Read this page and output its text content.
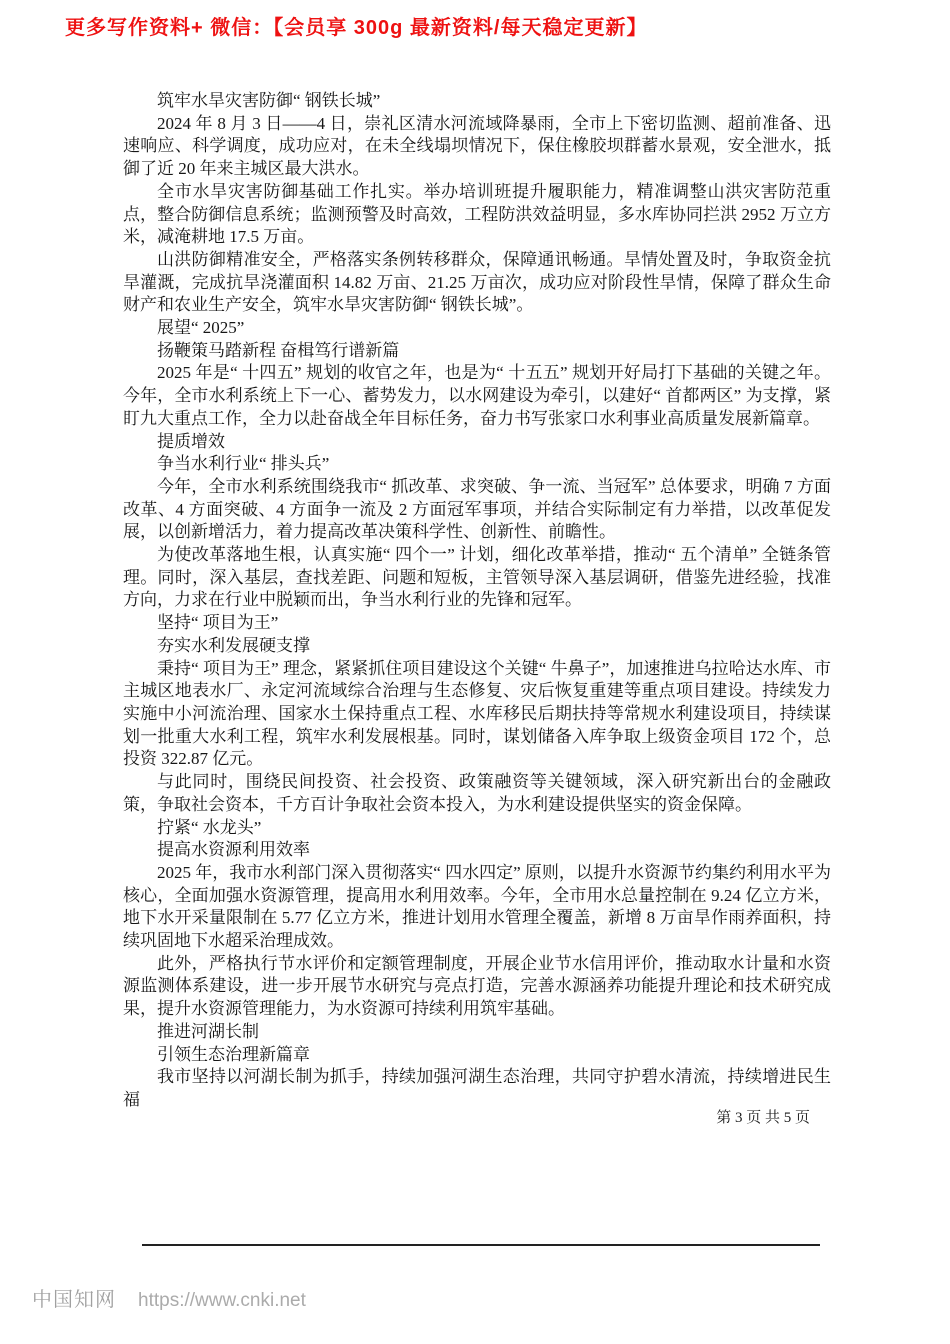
更多写作资料+ 微信：【会员享 300g 最新资料/每天稳定更新】

筑牢水旱灾害防御“ 钢铁长城”

2024 年 8 月 3 日——4 日，崇礼区清水河流域降暴雨，全市上下密切监测、超前准备、迅速响应、科学调度，成功应对，在未全线塌坝情况下，保住橡胶坝群蓄水景观，安全泄水，抵御了近 20 年来主城区最大洪水。

全市水旱灾害防御基础工作扎实。举办培训班提升履职能力，精准调整山洪灾害防范重点，整合防御信息系统；监测预警及时高效，工程防洪效益明显，多水库协同拦洪 2952 万立方米，减淹耕地 17.5 万亩。

山洪防御精准安全，严格落实条例转移群众，保障通讯畅通。旱情处置及时，争取资金抗旱灌溉，完成抗旱浇灌面积 14.82 万亩、21.25 万亩次，成功应对阶段性旱情，保障了群众生命财产和农业生产安全，筑牢水旱灾害防御“ 钢铁长城”。

展望“ 2025”

扬鞭策马踏新程 奋楫笃行谱新篇

2025 年是“ 十四五” 规划的收官之年，也是为“ 十五五” 规划开好局打下基础的关键之年。今年，全市水利系统上下一心、蓄势发力，以水网建设为牵引，以建好“ 首都两区” 为支撑，紧盯九大重点工作，全力以赴奋战全年目标任务，奋力书写张家口水利事业高质量发展新篇章。

提质增效

争当水利行业“ 排头兵”

今年，全市水利系统围绕我市“ 抓改革、求突破、争一流、当冠军” 总体要求，明确 7 方面改革、4 方面突破、4 方面争一流及 2 方面冠军事项，并结合实际制定有力举措，以改革促发展，以创新增活力，着力提高改革决策科学性、创新性、前瞻性。

为使改革落地生根，认真实施“ 四个一” 计划，细化改革举措，推动“ 五个清单” 全链条管理。同时，深入基层，查找差距、问题和短板，主管领导深入基层调研，借鉴先进经验，找准方向，力求在行业中脱颖而出，争当水利行业的先锋和冠军。

坚持“ 项目为王”

夯实水利发展硬支撑

秉持“ 项目为王” 理念，紧紧抓住项目建设这个关键“ 牛鼻子”，加速推进乌拉哈达水库、市主城区地表水厂、永定河流域综合治理与生态修复、灾后恢复重建等重点项目建设。持续发力实施中小河流治理、国家水土保持重点工程、水库移民后期扶持等常规水利建设项目，持续谋划一批重大水利工程，筑牢水利发展根基。同时，谋划储备入库争取上级资金项目 172 个，总投资 322.87 亿元。

与此同时，围绕民间投资、社会投资、政策融资等关键领域，深入研究新出台的金融政策，争取社会资本，千方百计争取社会资本投入，为水利建设提供坚实的资金保障。

拧紧“ 水龙头”

提高水资源利用效率

2025 年，我市水利部门深入贯彻落实“ 四水四定” 原则，以提升水资源节约集约利用水平为核心，全面加强水资源管理，提高用水利用效率。今年，全市用水总量控制在 9.24 亿立方米，地下水开采量限制在 5.77 亿立方米，推进计划用水管理全覆盖，新增 8 万亩旱作雨养面积，持续巩固地下水超采治理成效。

此外，严格执行节水评价和定额管理制度，开展企业节水信用评价，推动取水计量和水资源监测体系建设，进一步开展节水研究与亮点打造，完善水源涵养功能提升理论和技术研究成果，提升水资源管理能力，为水资源可持续利用筑牢基础。

推进河湖长制

引领生态治理新篇章

我市坚持以河湖长制为抓手，持续加强河湖生态治理，共同守护碧水清流，持续增进民生福

第 3 页 共 5 页
中国知网 https://www.cnki.net
